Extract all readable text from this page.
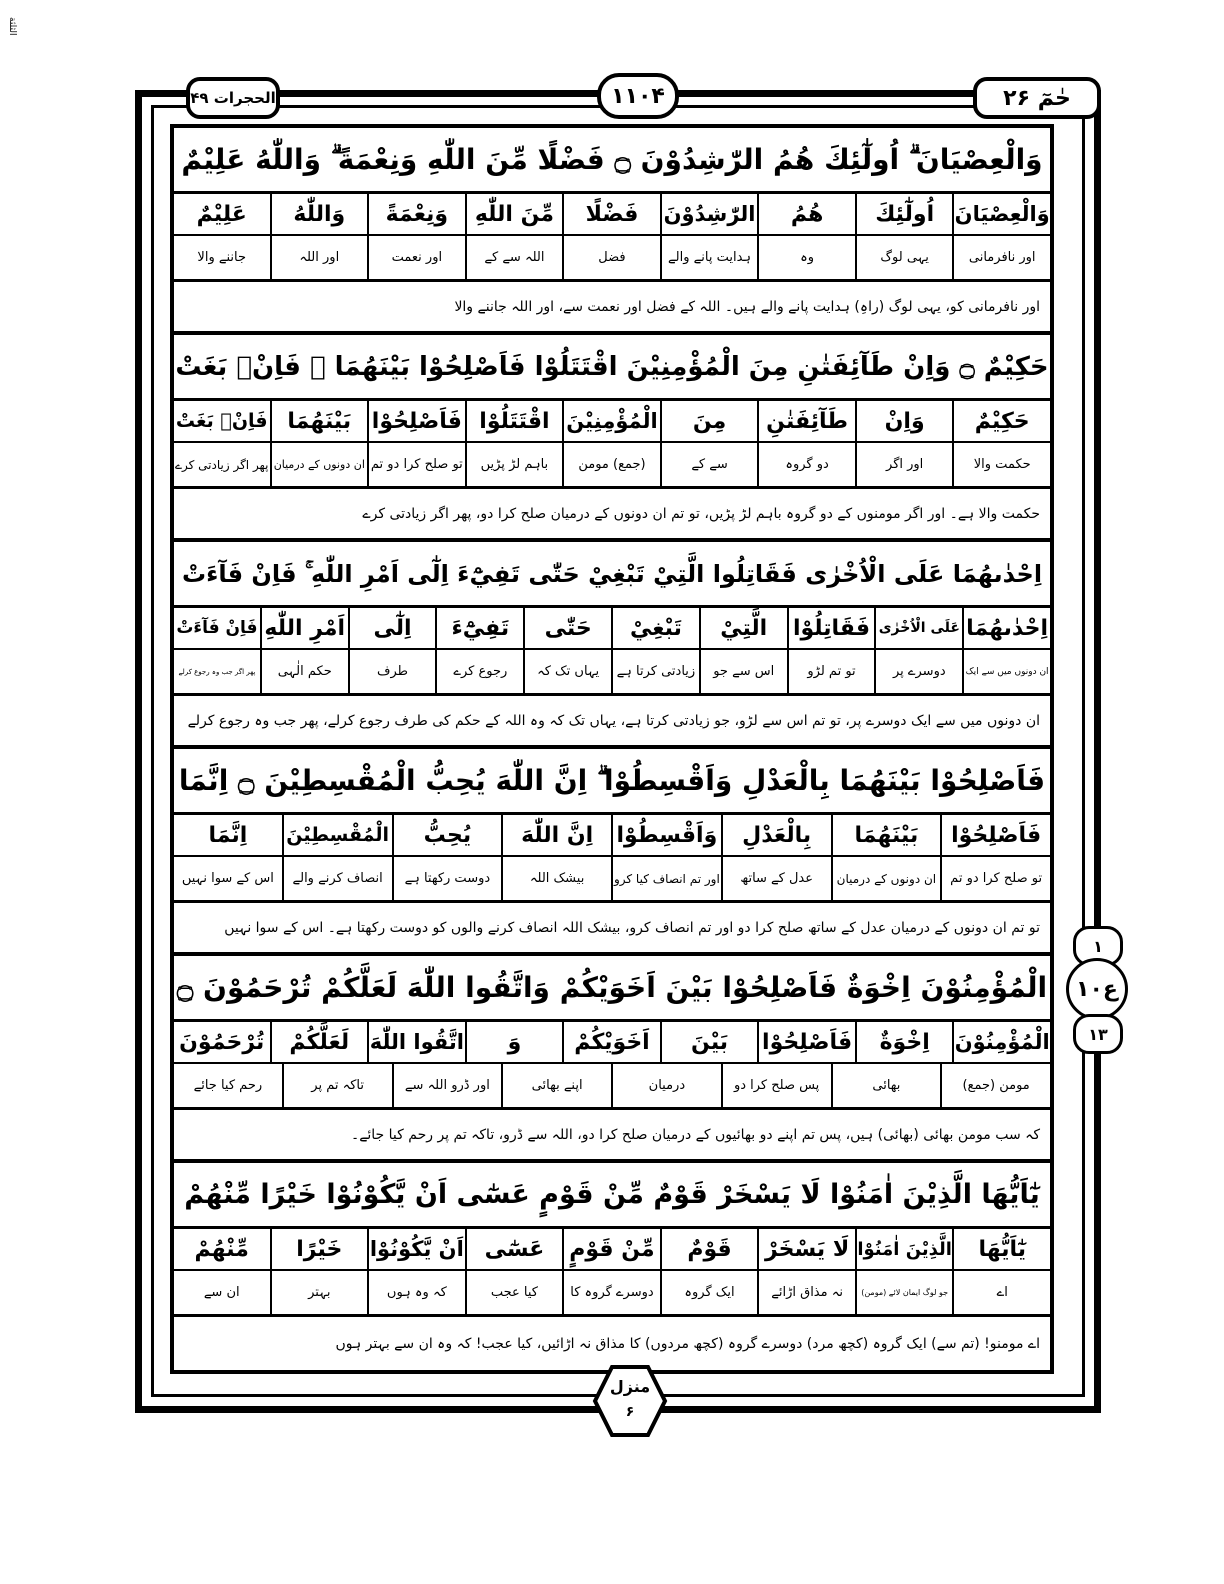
حٰمٓ ۲۶
۱۱۰۴
الحجرات ۴۹
وَالْعِصْيَانَ ۗ اُولٰٓئِكَ هُمُ الرّٰشِدُوْنَ ۝ فَضْلًا مِّنَ اللّٰهِ وَنِعْمَةً ۗ وَاللّٰهُ عَلِيْمٌ
وَالْعِصْيَانَ
اُولٰٓئِكَ
هُمُ
الرّٰشِدُوْنَ
فَضْلًا
مِّنَ اللّٰهِ
وَنِعْمَةً
وَاللّٰهُ
عَلِيْمٌ
اور نافرمانی
یہی لوگ
وہ
ہدایت پانے والے
فضل
اللہ سے کے
اور نعمت
اور اللہ
جاننے والا
اور نافرمانی کو، یہی لوگ (راہِ) ہدایت پانے والے ہیں۔ اللہ کے فضل اور نعمت سے، اور اللہ جاننے والا
حَكِيْمٌ ۝ وَاِنْ طَآئِفَتٰنِ مِنَ الْمُؤْمِنِيْنَ اقْتَتَلُوْا فَاَصْلِحُوْا بَيْنَهُمَا ۚ فَاِنْۢ بَغَتْ
حَكِيْمٌ
وَاِنْ
طَآئِفَتٰنِ
مِنَ
الْمُؤْمِنِيْنَ
اقْتَتَلُوْا
فَاَصْلِحُوْا
بَيْنَهُمَا
فَاِنْۢ بَغَتْ
حکمت والا
اور اگر
دو گروہ
سے کے
(جمع) مومن
باہم لڑ پڑیں
تو صلح کرا دو تم
ان دونوں کے درمیان
پھر اگر زیادتی کرے
حکمت والا ہے۔ اور اگر مومنوں کے دو گروہ باہم لڑ پڑیں، تو تم ان دونوں کے درمیان صلح کرا دو، پھر اگر زیادتی کرے
اِحْدٰىهُمَا عَلَى الْاُخْرٰى فَقَاتِلُوا الَّتِيْ تَبْغِيْ حَتّٰى تَفِيْٓءَ اِلٰٓى اَمْرِ اللّٰهِ ۚ فَاِنْ فَآءَتْ
اِحْدٰىهُمَا
عَلَى الْاُخْرٰى
فَقَاتِلُوْا
الَّتِيْ
تَبْغِيْ
حَتّٰى
تَفِيْٓءَ
اِلٰٓى
اَمْرِ اللّٰهِ
فَاِنْ فَآءَتْ
ان دونوں میں سے ایک
دوسرے پر
تو تم لڑو
اس سے جو
زیادتی کرتا ہے
یہاں تک کہ
رجوع کرے
طرف
حکم الٰہی
پھر اگر جب وہ رجوع کرلے
ان دونوں میں سے ایک دوسرے پر، تو تم اس سے لڑو، جو زیادتی کرتا ہے، یہاں تک کہ وہ اللہ کے حکم کی طرف رجوع کرلے، پھر جب وہ رجوع کرلے
فَاَصْلِحُوْا بَيْنَهُمَا بِالْعَدْلِ وَاَقْسِطُوْا ۗ اِنَّ اللّٰهَ يُحِبُّ الْمُقْسِطِيْنَ ۝ اِنَّمَا
فَاَصْلِحُوْا
بَيْنَهُمَا
بِالْعَدْلِ
وَاَقْسِطُوْا
اِنَّ اللّٰهَ
يُحِبُّ
الْمُقْسِطِيْنَ
اِنَّمَا
تو صلح کرا دو تم
ان دونوں کے درمیان
عدل کے ساتھ
اور تم انصاف کیا کرو
بیشک اللہ
دوست رکھتا ہے
انصاف کرنے والے
اس کے سوا نہیں
تو تم ان دونوں کے درمیان عدل کے ساتھ صلح کرا دو اور تم انصاف کرو، بیشک اللہ انصاف کرنے والوں کو دوست رکھتا ہے۔ اس کے سوا نہیں
الْمُؤْمِنُوْنَ اِخْوَةٌ فَاَصْلِحُوْا بَيْنَ اَخَوَيْكُمْ وَاتَّقُوا اللّٰهَ لَعَلَّكُمْ تُرْحَمُوْنَ ۝
الْمُؤْمِنُوْنَ
اِخْوَةٌ
فَاَصْلِحُوْا
بَيْنَ
اَخَوَيْكُمْ
وَ
اتَّقُوا اللّٰهَ
لَعَلَّكُمْ
تُرْحَمُوْنَ
مومن (جمع)
بھائی
پس صلح کرا دو
درمیان
اپنے بھائی
اور ڈرو اللہ سے
تاکہ تم پر
رحم کیا جائے
کہ سب مومن بھائی (بھائی) ہیں، پس تم اپنے دو بھائیوں کے درمیان صلح کرا دو، اللہ سے ڈرو، تاکہ تم پر رحم کیا جائے۔
يٰٓاَيُّهَا الَّذِيْنَ اٰمَنُوْا لَا يَسْخَرْ قَوْمٌ مِّنْ قَوْمٍ عَسٰٓى اَنْ يَّكُوْنُوْا خَيْرًا مِّنْهُمْ
يٰٓاَيُّهَا
الَّذِيْنَ اٰمَنُوْا
لَا يَسْخَرْ
قَوْمٌ
مِّنْ قَوْمٍ
عَسٰٓى
اَنْ يَّكُوْنُوْا
خَيْرًا
مِّنْهُمْ
اے
جو لوگ ایمان لائے (مومن)
نہ مذاق اڑائے
ایک گروہ
دوسرے گروہ کا
کیا عجب
کہ وہ ہوں
بہتر
ان سے
اے مومنو! (تم سے) ایک گروہ (کچھ مرد) دوسرے گروہ (کچھ مردوں) کا مذاق نہ اڑائیں، کیا عجب! کہ وہ ان سے بہتر ہوں
۱
ع۱۰
۱۳
الثلثة
منزل
۶
